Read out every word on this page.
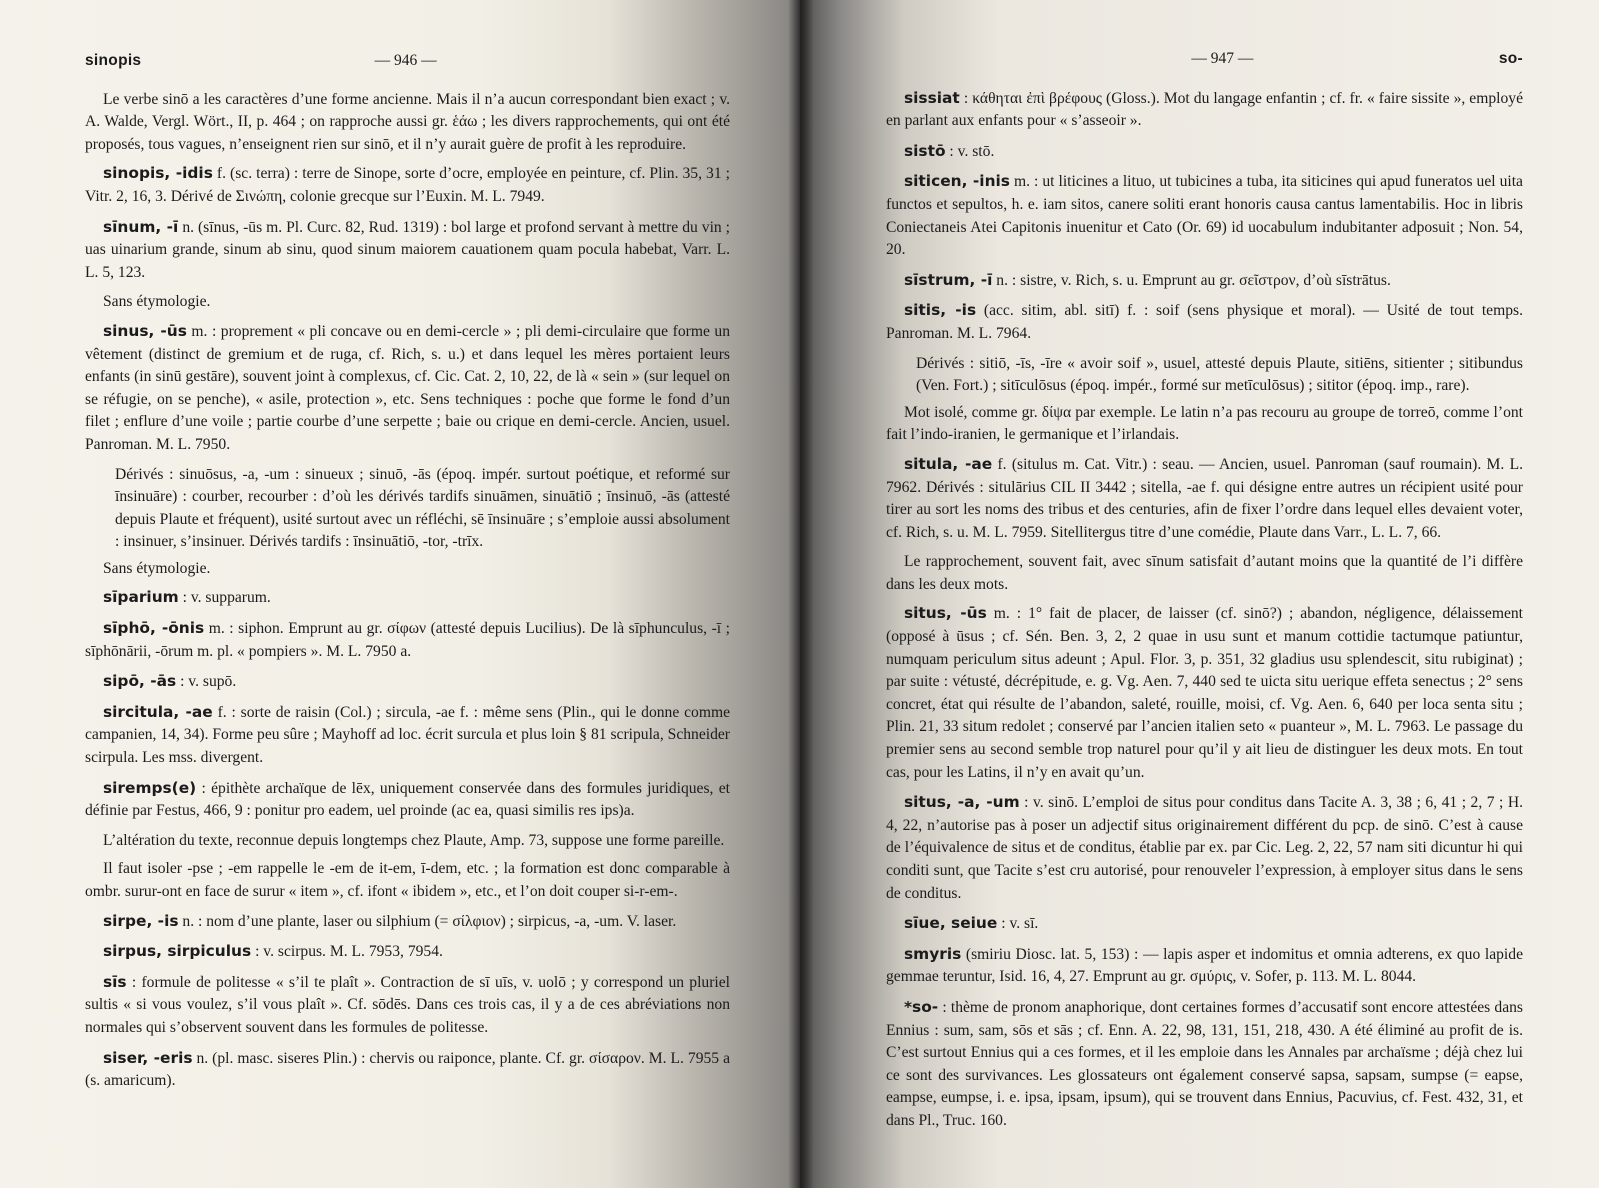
sinopis	— 946 —

Le verbe sinō a les caractères d’une forme ancienne. Mais il n’a aucun correspondant bien exact ; v. A. Walde, Vergl. Wört., II, p. 464 ; on rapproche aussi gr. ἑάω ; les divers rapprochements, qui ont été proposés, tous vagues, n’enseignent rien sur sinō, et il n’y aurait guère de profit à les reproduire.

sinopis, -idis f. (sc. terra) : terre de Sinope, sorte d’ocre, employée en peinture, cf. Plin. 35, 31 ; Vitr. 2, 16, 3. Dérivé de Σινώπη, colonie grecque sur l’Euxin. M. L. 7949.

sīnum, -ī n. (sīnus, -ūs m. Pl. Curc. 82, Rud. 1319) : bol large et profond servant à mettre du vin ; uas uinarium grande, sinum ab sinu, quod sinum maiorem cauationem quam pocula habebat, Varr. L. L. 5, 123.

Sans étymologie.

sinus, -ūs m. : proprement « pli concave ou en demi-cercle » ; pli demi-circulaire que forme un vêtement (distinct de gremium et de ruga, cf. Rich, s. u.) et dans lequel les mères portaient leurs enfants (in sinū gestāre), souvent joint à complexus, cf. Cic. Cat. 2, 10, 22, de là « sein » (sur lequel on se réfugie, on se penche), « asile, protection », etc. Sens techniques : poche que forme le fond d’un filet ; enflure d’une voile ; partie courbe d’une serpette ; baie ou crique en demi-cercle. Ancien, usuel. Panroman. M. L. 7950.

Dérivés : sinuōsus, -a, -um : sinueux ; sinuō, -ās (époq. impér. surtout poétique, et reformé sur īnsinuāre) : courber, recourber : d’où les dérivés tardifs sinuāmen, sinuātiō ; īnsinuō, -ās (attesté depuis Plaute et fréquent), usité surtout avec un réfléchi, sē īnsinuāre ; s’emploie aussi absolument : insinuer, s’insinuer. Dérivés tardifs : īnsinuātiō, -tor, -trīx.

Sans étymologie.

sīparium : v. supparum.

sīphō, -ōnis m. : siphon. Emprunt au gr. σίφων (attesté depuis Lucilius). De là sīphunculus, -ī ; sīphōnārii, -ōrum m. pl. « pompiers ». M. L. 7950 a.

sipō, -ās : v. supō.

sircitula, -ae f. : sorte de raisin (Col.) ; sircula, -ae f. : même sens (Plin., qui le donne comme campanien, 14, 34). Forme peu sûre ; Mayhoff ad loc. écrit surcula et plus loin § 81 scripula, Schneider scirpula. Les mss. divergent.

siremps(e) : épithète archaïque de lēx, uniquement conservée dans des formules juridiques, et définie par Festus, 466, 9 : ponitur pro eadem, uel proinde (ac ea, quasi similis res ips)a.

L’altération du texte, reconnue depuis longtemps chez Plaute, Amp. 73, suppose une forme pareille.

Il faut isoler -pse ; -em rappelle le -em de it-em, ī-dem, etc. ; la formation est donc comparable à ombr. surur-ont en face de surur « item », cf. ifont « ibidem », etc., et l’on doit couper si-r-em-.

sirpe, -is n. : nom d’une plante, laser ou silphium (= σίλφιον) ; sirpicus, -a, -um. V. laser.

sirpus, sirpiculus : v. scirpus. M. L. 7953, 7954.

sīs : formule de politesse « s’il te plaît ». Contraction de sī uīs, v. uolō ; y correspond un pluriel sultis « si vous voulez, s’il vous plaît ». Cf. sōdēs. Dans ces trois cas, il y a de ces abréviations non normales qui s’observent souvent dans les formules de politesse.

siser, -eris n. (pl. masc. siseres Plin.) : chervis ou raiponce, plante. Cf. gr. σίσαρον. M. L. 7955 a (s. amaricum).

— 947 —	so-

sissiat : κάθηται ἐπὶ βρέφους (Gloss.). Mot du langage enfantin ; cf. fr. « faire sissite », employé en parlant aux enfants pour « s’asseoir ».

sistō : v. stō.

siticen, -inis m. : ut liticines a lituo, ut tubicines a tuba, ita siticines qui apud funeratos uel uita functos et sepultos, h. e. iam sitos, canere soliti erant honoris causa cantus lamentabilis. Hoc in libris Coniectaneis Atei Capitonis inuenitur et Cato (Or. 69) id uocabulum indubitanter adposuit ; Non. 54, 20.

sīstrum, -ī n. : sistre, v. Rich, s. u. Emprunt au gr. σεῖστρον, d’où sīstrātus.

sitis, -is (acc. sitim, abl. sitī) f. : soif (sens physique et moral). — Usité de tout temps. Panroman. M. L. 7964.

Dérivés : sitiō, -īs, -īre « avoir soif », usuel, attesté depuis Plaute, sitiēns, sitienter ; sitibundus (Ven. Fort.) ; sitīculōsus (époq. impér., formé sur metīculōsus) ; sititor (époq. imp., rare).

Mot isolé, comme gr. δίψα par exemple. Le latin n’a pas recouru au groupe de torreō, comme l’ont fait l’indo-iranien, le germanique et l’irlandais.

situla, -ae f. (situlus m. Cat. Vitr.) : seau. — Ancien, usuel. Panroman (sauf roumain). M. L. 7962. Dérivés : situlārius CIL II 3442 ; sitella, -ae f. qui désigne entre autres un récipient usité pour tirer au sort les noms des tribus et des centuries, afin de fixer l’ordre dans lequel elles devaient voter, cf. Rich, s. u. M. L. 7959. Sitellitergus titre d’une comédie, Plaute dans Varr., L. L. 7, 66.

Le rapprochement, souvent fait, avec sīnum satisfait d’autant moins que la quantité de l’i diffère dans les deux mots.

situs, -ūs m. : 1° fait de placer, de laisser (cf. sinō?) ; abandon, négligence, délaissement (opposé à ūsus ; cf. Sén. Ben. 3, 2, 2 quae in usu sunt et manum cottidie tactumque patiuntur, numquam periculum situs adeunt ; Apul. Flor. 3, p. 351, 32 gladius usu splendescit, situ rubiginat) ; par suite : vétusté, décrépitude, e. g. Vg. Aen. 7, 440 sed te uicta situ uerique effeta senectus ; 2° sens concret, état qui résulte de l’abandon, saleté, rouille, moisi, cf. Vg. Aen. 6, 640 per loca senta situ ; Plin. 21, 33 situm redolet ; conservé par l’ancien italien seto « puanteur », M. L. 7963. Le passage du premier sens au second semble trop naturel pour qu’il y ait lieu de distinguer les deux mots. En tout cas, pour les Latins, il n’y en avait qu’un.

situs, -a, -um : v. sinō. L’emploi de situs pour conditus dans Tacite A. 3, 38 ; 6, 41 ; 2, 7 ; H. 4, 22, n’autorise pas à poser un adjectif situs originairement différent du pcp. de sinō. C’est à cause de l’équivalence de situs et de conditus, établie par ex. par Cic. Leg. 2, 22, 57 nam siti dicuntur hi qui conditi sunt, que Tacite s’est cru autorisé, pour renouveler l’expression, à employer situs dans le sens de conditus.

sīue, seiue : v. sī.

smyris (smiriu Diosc. lat. 5, 153) : — lapis asper et indomitus et omnia adterens, ex quo lapide gemmae teruntur, Isid. 16, 4, 27. Emprunt au gr. σμύρις, v. Sofer, p. 113. M. L. 8044.

*so- : thème de pronom anaphorique, dont certaines formes d’accusatif sont encore attestées dans Ennius : sum, sam, sōs et sās ; cf. Enn. A. 22, 98, 131, 151, 218, 430. A été éliminé au profit de is. C’est surtout Ennius qui a ces formes, et il les emploie dans les Annales par archaïsme ; déjà chez lui ce sont des survivances. Les glossateurs ont également conservé sapsa, sapsam, sumpse (= eapse, eampse, eumpse, i. e. ipsa, ipsam, ipsum), qui se trouvent dans Ennius, Pacuvius, cf. Fest. 432, 31, et dans Pl., Truc. 160.
